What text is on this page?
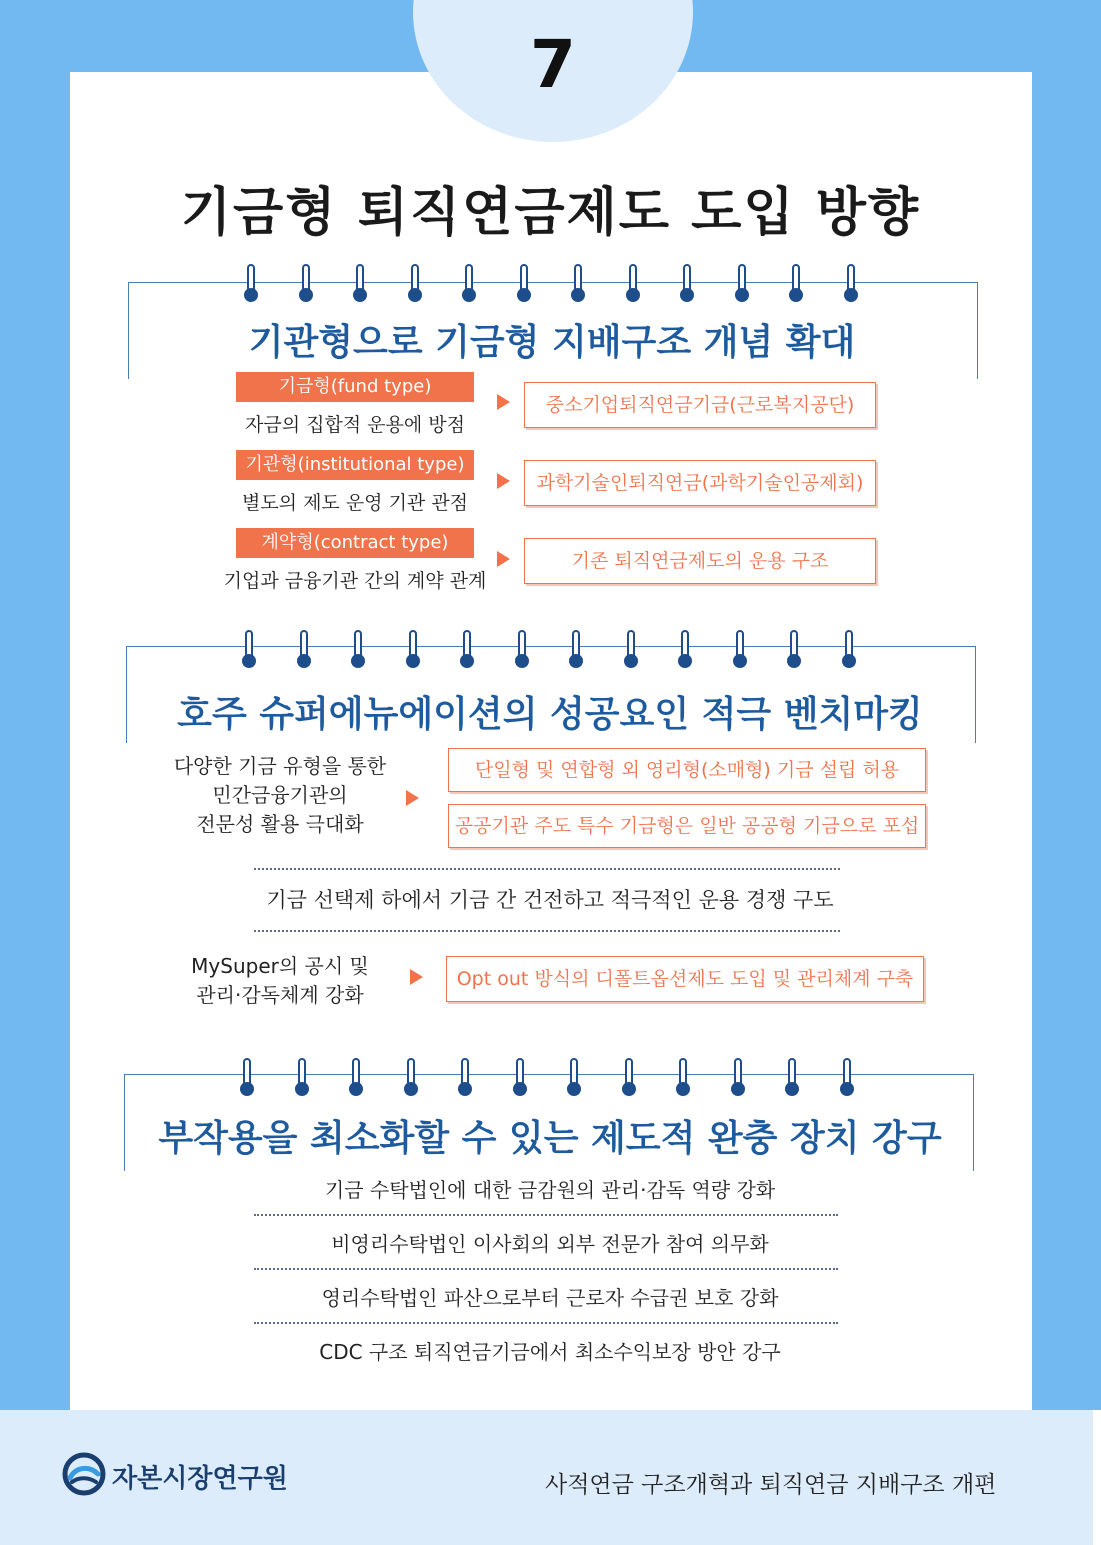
7
기금형 퇴직연금제도 도입 방향
기관형으로 기금형 지배구조 개념 확대
기금형(fund type)
자금의 집합적 운용에 방점
중소기업퇴직연금기금(근로복지공단)
기관형(institutional type)
별도의 제도 운영 기관 관점
과학기술인퇴직연금(과학기술인공제회)
계약형(contract type)
기업과 금융기관 간의 계약 관계
기존 퇴직연금제도의 운용 구조
호주 슈퍼에뉴에이션의 성공요인 적극 벤치마킹
다양한 기금 유형을 통한
민간금융기관의
전문성 활용 극대화
단일형 및 연합형 외 영리형(소매형) 기금 설립 허용
공공기관 주도 특수 기금형은 일반 공공형 기금으로 포섭
기금 선택제 하에서 기금 간 건전하고 적극적인 운용 경쟁 구도
MySuper의 공시 및
관리·감독체계 강화
Opt out 방식의 디폴트옵션제도 도입 및 관리체계 구축
부작용을 최소화할 수 있는 제도적 완충 장치 강구
기금 수탁법인에 대한 금감원의 관리·감독 역량 강화
비영리수탁법인 이사회의 외부 전문가 참여 의무화
영리수탁법인 파산으로부터 근로자 수급권 보호 강화
CDC 구조 퇴직연금기금에서 최소수익보장 방안 강구
자본시장연구원	사적연금 구조개혁과 퇴직연금 지배구조 개편
